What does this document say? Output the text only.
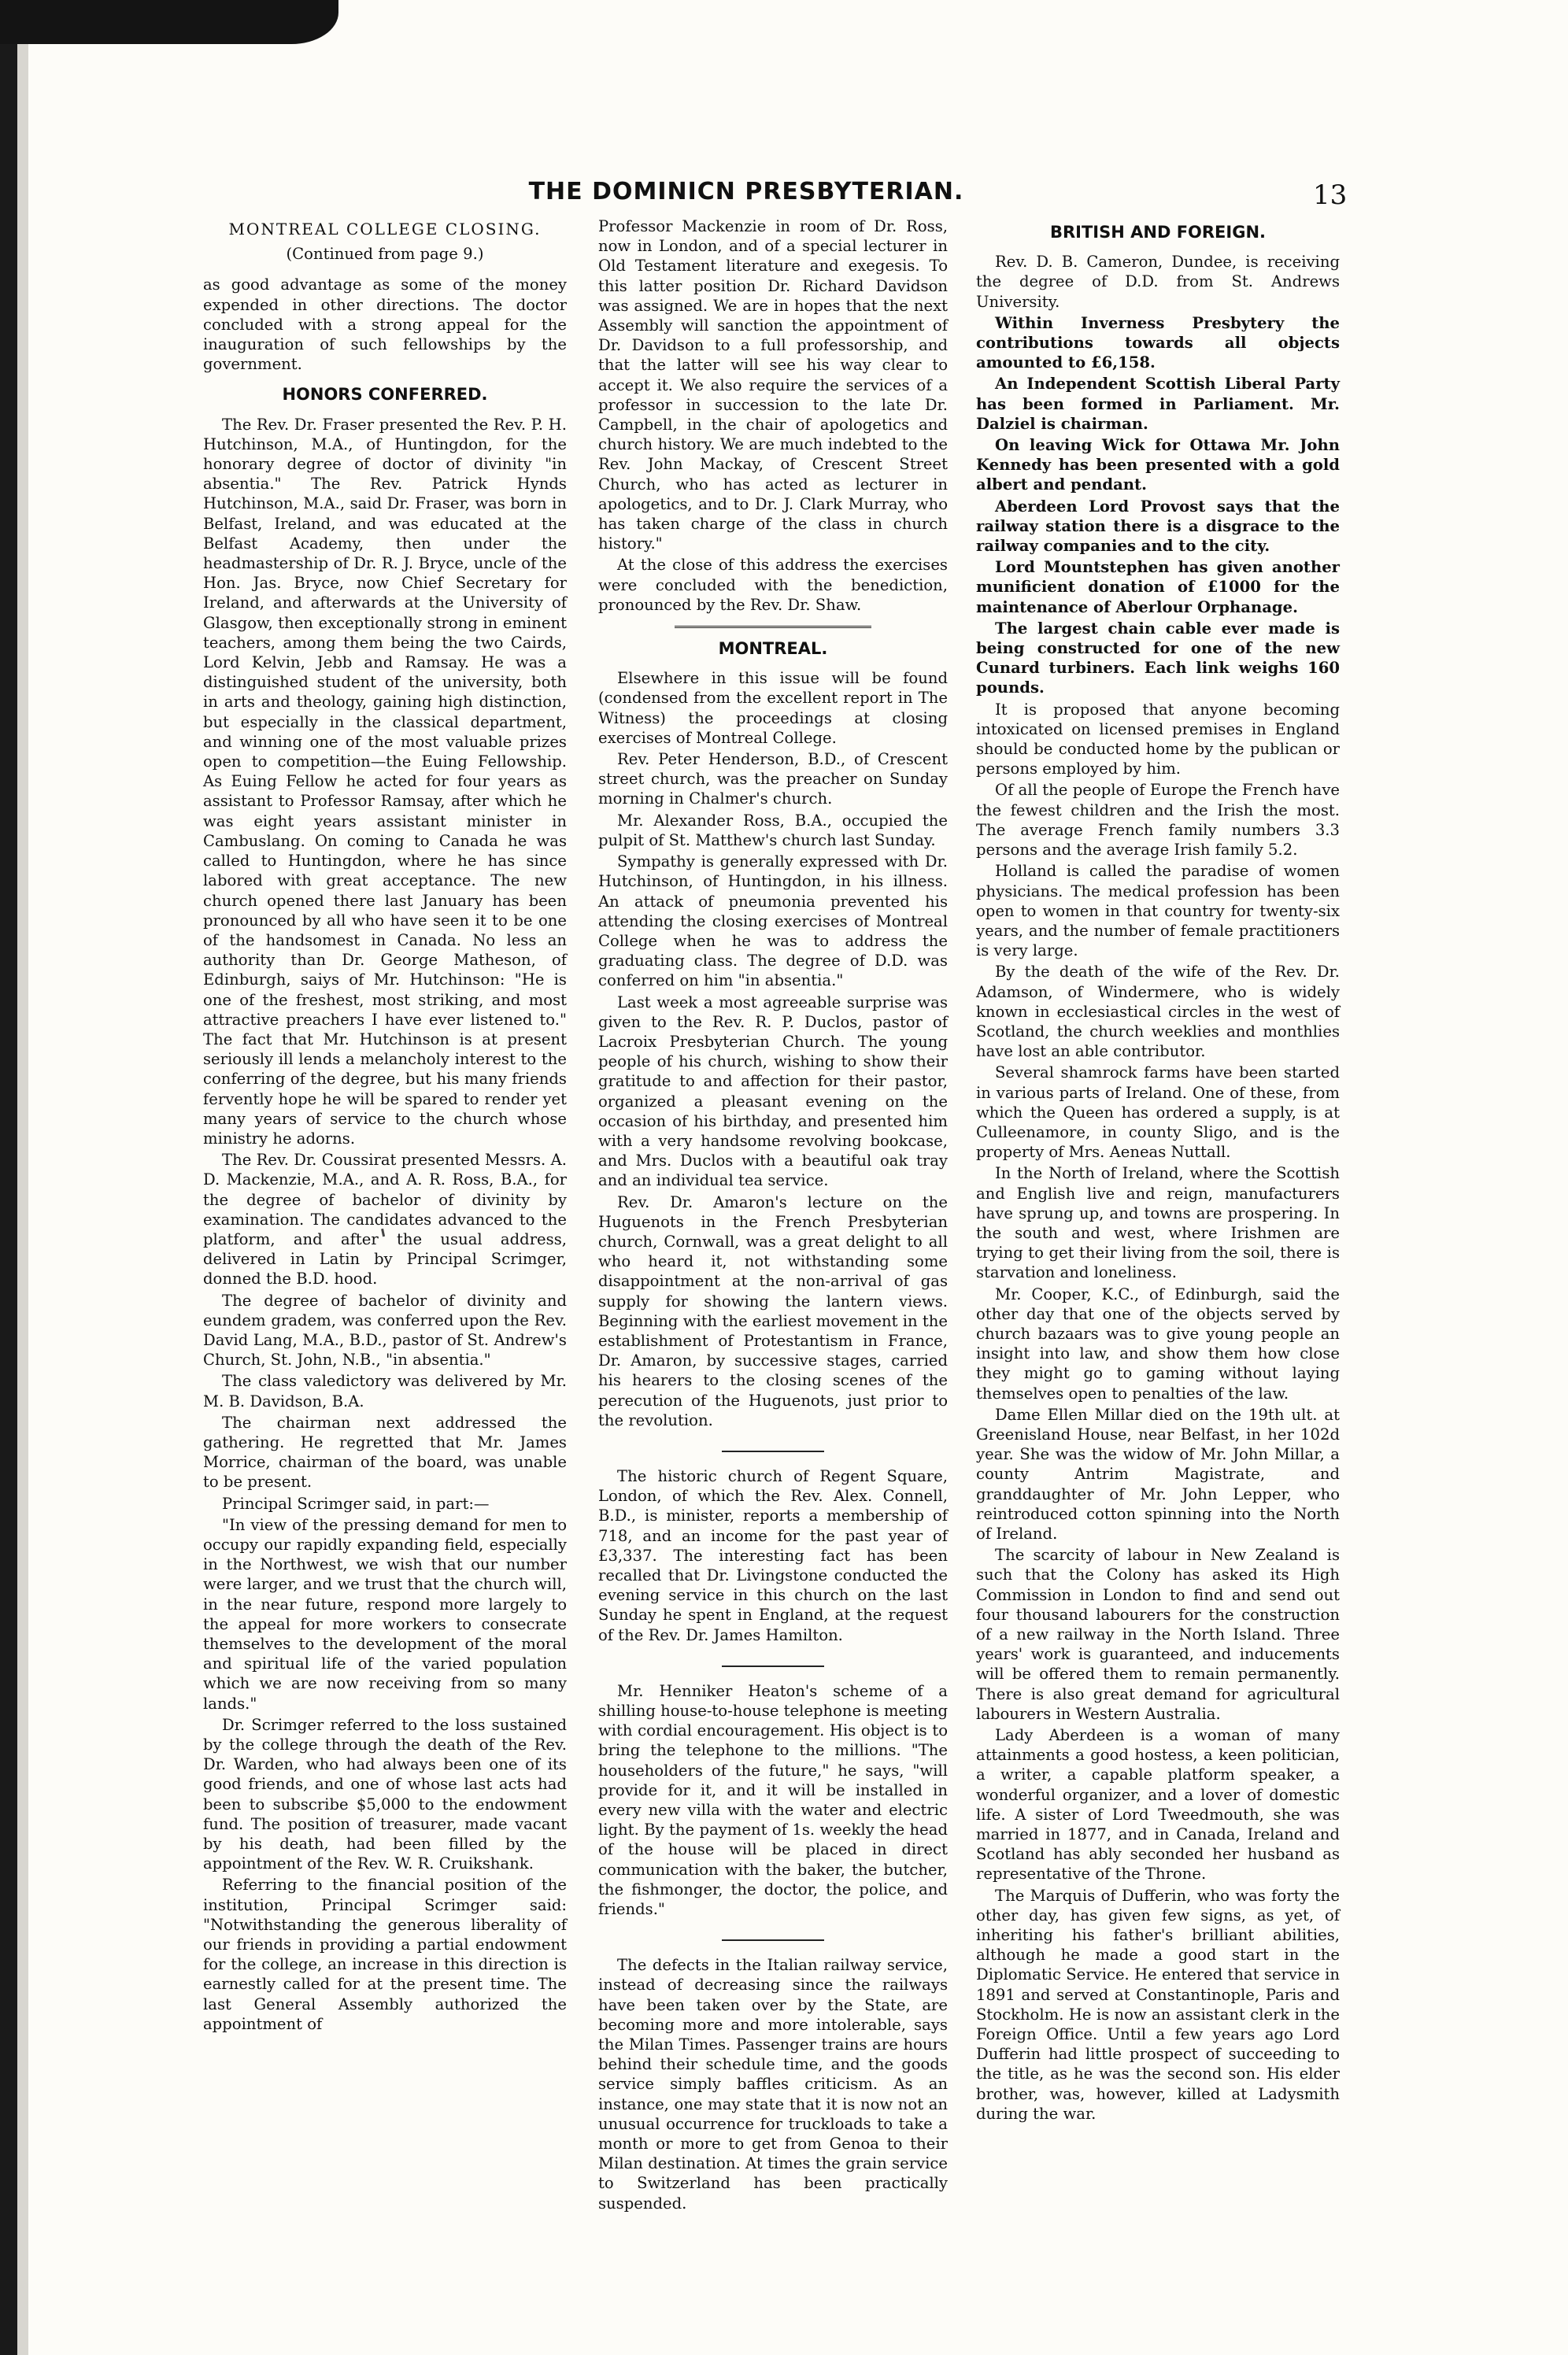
THE DOMINICN PRESBYTERIAN.	13
MONTREAL COLLEGE CLOSING.
(Continued from page 9.)

as good advantage as some of the money expended in other directions. The doctor concluded with a strong appeal for the inauguration of such fellowships by the government.

HONORS CONFERRED.

The Rev. Dr. Fraser presented the Rev. P. H. Hutchinson, M.A., of Huntingdon, for the honorary degree of doctor of divinity "in absentia." The Rev. Patrick Hynds Hutchinson, M.A., said Dr. Fraser, was born in Belfast, Ireland, and was educated at the Belfast Academy, then under the headmastership of Dr. R. J. Bryce, uncle of the Hon. Jas. Bryce, now Chief Secretary for Ireland, and afterwards at the University of Glasgow, then exceptionally strong in eminent teachers, among them being the two Cairds, Lord Kelvin, Jebb and Ramsay. He was a distinguished student of the university, both in arts and theology, gaining high distinction, but especially in the classical department, and winning one of the most valuable prizes open to competition—the Euing Fellowship. As Euing Fellow he acted for four years as assistant to Professor Ramsay, after which he was eight years assistant minister in Cambuslang. On coming to Canada he was called to Huntingdon, where he has since labored with great acceptance. The new church opened there last January has been pronounced by all who have seen it to be one of the handsomest in Canada. No less an authority than Dr. George Matheson, of Edinburgh, saiys of Mr. Hutchinson: "He is one of the freshest, most striking, and most attractive preachers I have ever listened to." The fact that Mr. Hutchinson is at present seriously ill lends a melancholy interest to the conferring of the degree, but his many friends fervently hope he will be spared to render yet many years of service to the church whose ministry he adorns.

The Rev. Dr. Coussirat presented Messrs. A. D. Mackenzie, M.A., and A. R. Ross, B.A., for the degree of bachelor of divinity by examination. The candidates advanced to the platform, and after the usual address, delivered in Latin by Principal Scrimger, donned the B.D. hood.

The degree of bachelor of divinity and eundem gradem, was conferred upon the Rev. David Lang, M.A., B.D., pastor of St. Andrew's Church, St. John, N.B., "in absentia."

The class valedictory was delivered by Mr. M. B. Davidson, B.A.

The chairman next addressed the gathering. He regretted that Mr. James Morrice, chairman of the board, was unable to be present.

Principal Scrimger said, in part:—

"In view of the pressing demand for men to occupy our rapidly expanding field, especially in the Northwest, we wish that our number were larger, and we trust that the church will, in the near future, respond more largely to the appeal for more workers to consecrate themselves to the development of the moral and spiritual life of the varied population which we are now receiving from so many lands."

Dr. Scrimger referred to the loss sustained by the college through the death of the Rev. Dr. Warden, who had always been one of its good friends, and one of whose last acts had been to subscribe $5,000 to the endowment fund. The position of treasurer, made vacant by his death, had been filled by the appointment of the Rev. W. R. Cruikshank.

Referring to the financial position of the institution, Principal Scrimger said: "Notwithstanding the generous liberality of our friends in providing a partial endowment for the college, an increase in this direction is earnestly called for at the present time. The last General Assembly authorized the appointment of

Professor Mackenzie in room of Dr. Ross, now in London, and of a special lecturer in Old Testament literature and exegesis. To this latter position Dr. Richard Davidson was assigned. We are in hopes that the next Assembly will sanction the appointment of Dr. Davidson to a full professorship, and that the latter will see his way clear to accept it. We also require the services of a professor in succession to the late Dr. Campbell, in the chair of apologetics and church history. We are much indebted to the Rev. John Mackay, of Crescent Street Church, who has acted as lecturer in apologetics, and to Dr. J. Clark Murray, who has taken charge of the class in church history."

At the close of this address the exercises were concluded with the benediction, pronounced by the Rev. Dr. Shaw.

MONTREAL.

Elsewhere in this issue will be found (condensed from the excellent report in The Witness) the proceedings at closing exercises of Montreal College.

Rev. Peter Henderson, B.D., of Crescent street church, was the preacher on Sunday morning in Chalmer's church.

Mr. Alexander Ross, B.A., occupied the pulpit of St. Matthew's church last Sunday.

Sympathy is generally expressed with Dr. Hutchinson, of Huntingdon, in his illness. An attack of pneumonia prevented his attending the closing exercises of Montreal College when he was to address the graduating class. The degree of D.D. was conferred on him "in absentia."

Last week a most agreeable surprise was given to the Rev. R. P. Duclos, pastor of Lacroix Presbyterian Church. The young people of his church, wishing to show their gratitude to and affection for their pastor, organized a pleasant evening on the occasion of his birthday, and presented him with a very handsome revolving bookcase, and Mrs. Duclos with a beautiful oak tray and an individual tea service.

Rev. Dr. Amaron's lecture on the Huguenots in the French Presbyterian church, Cornwall, was a great delight to all who heard it, not withstanding some disappointment at the non-arrival of gas supply for showing the lantern views. Beginning with the earliest movement in the establishment of Protestantism in France, Dr. Amaron, by successive stages, carried his hearers to the closing scenes of the perecution of the Huguenots, just prior to the revolution.

The historic church of Regent Square, London, of which the Rev. Alex. Connell, B.D., is minister, reports a membership of 718, and an income for the past year of £3,337. The interesting fact has been recalled that Dr. Livingstone conducted the evening service in this church on the last Sunday he spent in England, at the request of the Rev. Dr. James Hamilton.

Mr. Henniker Heaton's scheme of a shilling house-to-house telephone is meeting with cordial encouragement. His object is to bring the telephone to the millions. "The householders of the future," he says, "will provide for it, and it will be installed in every new villa with the water and electric light. By the payment of 1s. weekly the head of the house will be placed in direct communication with the baker, the butcher, the fishmonger, the doctor, the police, and friends."

The defects in the Italian railway service, instead of decreasing since the railways have been taken over by the State, are becoming more and more intolerable, says the Milan Times. Passenger trains are hours behind their schedule time, and the goods service simply baffles criticism. As an instance, one may state that it is now not an unusual occurrence for truckloads to take a month or more to get from Genoa to their Milan destination. At times the grain service to Switzerland has been practically suspended.

BRITISH AND FOREIGN.

Rev. D. B. Cameron, Dundee, is receiving the degree of D.D. from St. Andrews University.

Within Inverness Presbytery the contributions towards all objects amounted to £6,158.

An Independent Scottish Liberal Party has been formed in Parliament. Mr. Dalziel is chairman.

On leaving Wick for Ottawa Mr. John Kennedy has been presented with a gold albert and pendant.

Aberdeen Lord Provost says that the railway station there is a disgrace to the railway companies and to the city.

Lord Mountstephen has given another munificient donation of £1000 for the maintenance of Aberlour Orphanage.

The largest chain cable ever made is being constructed for one of the new Cunard turbiners. Each link weighs 160 pounds.

It is proposed that anyone becoming intoxicated on licensed premises in England should be conducted home by the publican or persons employed by him.

Of all the people of Europe the French have the fewest children and the Irish the most. The average French family numbers 3.3 persons and the average Irish family 5.2.

Holland is called the paradise of women physicians. The medical profession has been open to women in that country for twenty-six years, and the number of female practitioners is very large.

By the death of the wife of the Rev. Dr. Adamson, of Windermere, who is widely known in ecclesiastical circles in the west of Scotland, the church weeklies and monthlies have lost an able contributor.

Several shamrock farms have been started in various parts of Ireland. One of these, from which the Queen has ordered a supply, is at Culleenamore, in county Sligo, and is the property of Mrs. Aeneas Nuttall.

In the North of Ireland, where the Scottish and English live and reign, manufacturers have sprung up, and towns are prospering. In the south and west, where Irishmen are trying to get their living from the soil, there is starvation and loneliness.

Mr. Cooper, K.C., of Edinburgh, said the other day that one of the objects served by church bazaars was to give young people an insight into law, and show them how close they might go to gaming without laying themselves open to penalties of the law.

Dame Ellen Millar died on the 19th ult. at Greenisland House, near Belfast, in her 102d year. She was the widow of Mr. John Millar, a county Antrim Magistrate, and granddaughter of Mr. John Lepper, who reintroduced cotton spinning into the North of Ireland.

The scarcity of labour in New Zealand is such that the Colony has asked its High Commission in London to find and send out four thousand labourers for the construction of a new railway in the North Island. Three years' work is guaranteed, and inducements will be offered them to remain permanently. There is also great demand for agricultural labourers in Western Australia.

Lady Aberdeen is a woman of many attainments a good hostess, a keen politician, a writer, a capable platform speaker, a wonderful organizer, and a lover of domestic life. A sister of Lord Tweedmouth, she was married in 1877, and in Canada, Ireland and Scotland has ably seconded her husband as representative of the Throne.

The Marquis of Dufferin, who was forty the other day, has given few signs, as yet, of inheriting his father's brilliant abilities, although he made a good start in the Diplomatic Service. He entered that service in 1891 and served at Constantinople, Paris and Stockholm. He is now an assistant clerk in the Foreign Office. Until a few years ago Lord Dufferin had little prospect of succeeding to the title, as he was the second son. His elder brother, was, however, killed at Ladysmith during the war.
